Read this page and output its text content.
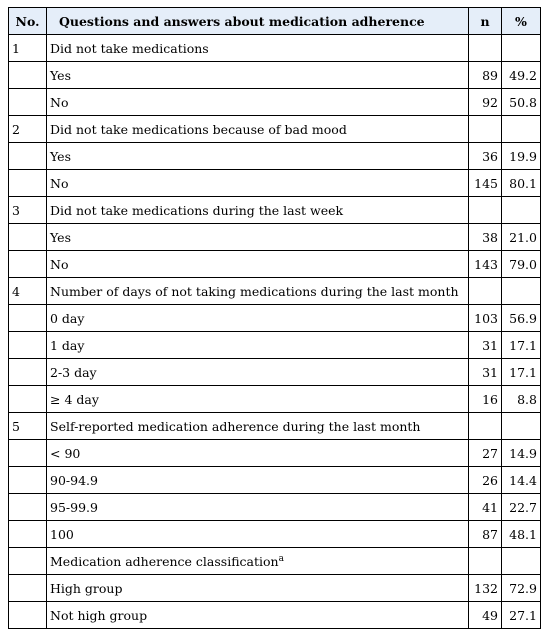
No.	Questions and answers about medication adherence	n	%
1	Did not take medications		
	Yes	89	49.2
	No	92	50.8
2	Did not take medications because of bad mood		
	Yes	36	19.9
	No	145	80.1
3	Did not take medications during the last week		
	Yes	38	21.0
	No	143	79.0
4	Number of days of not taking medications during the last month		
	0 day	103	56.9
	1 day	31	17.1
	2-3 day	31	17.1
	≥ 4 day	16	8.8
5	Self-reported medication adherence during the last month		
	< 90	27	14.9
	90-94.9	26	14.4
	95-99.9	41	22.7
	100	87	48.1
	Medication adherence classification$^a$		
	High group	132	72.9
	Not high group	49	27.1
